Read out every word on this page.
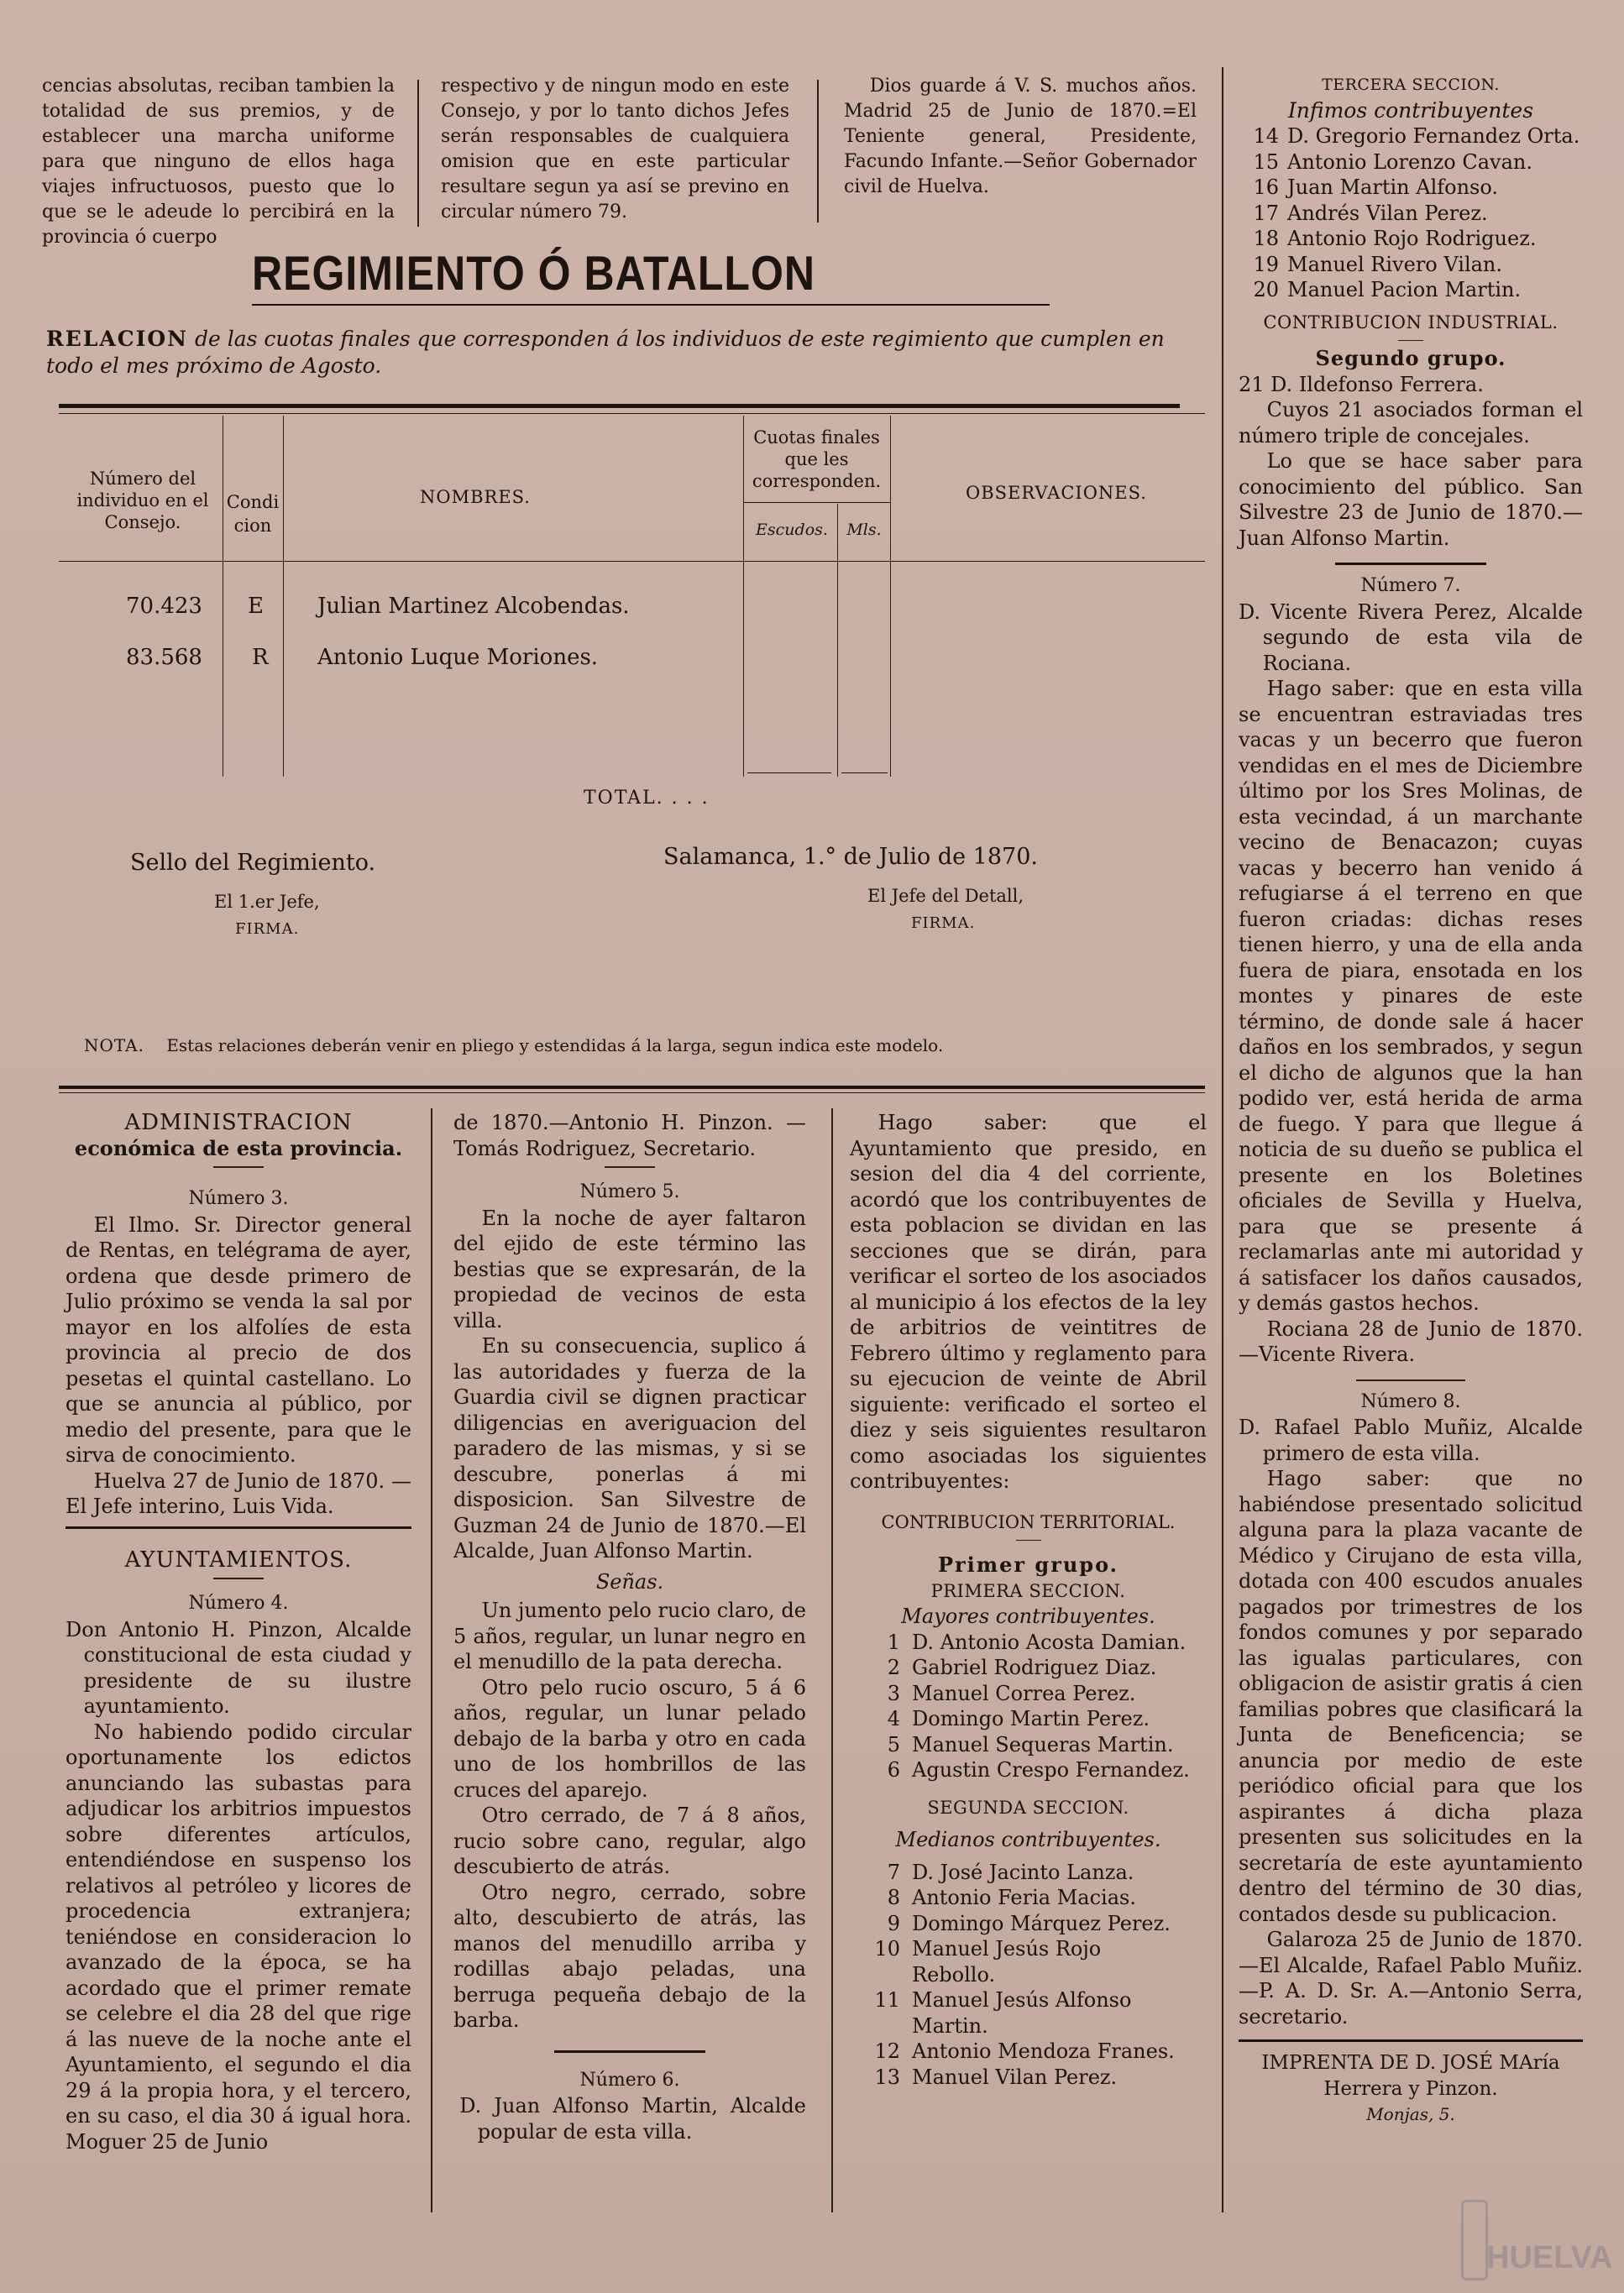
cencias absolutas, reciban tambien la totalidad de sus premios, y de establecer una marcha uniforme para que ninguno de ellos haga viajes infructuosos, puesto que lo que se le adeude lo percibirá en la provincia ó cuerpo

respectivo y de ningun modo en este Consejo, y por lo tanto dichos Jefes serán responsables de cualquiera omision que en este particular resultare segun ya así se previno en circular número 79.

Dios guarde á V. S. muchos años. Madrid 25 de Junio de 1870.=El Teniente general, Presidente, Facundo Infante.—Señor Gobernador civil de Huelva.

REGIMIENTO Ó BATALLON
RELACION de las cuotas finales que corresponden á los individuos de este regimiento que cumplen en todo el mes próximo de Agosto.
Número del individuo en el Consejo.
Condicion
NOMBRES.
Cuotas finales que les corresponden.
Escudos.	Mls.
OBSERVACIONES.
70.423 E Julian Martinez Alcobendas.
83.568 R Antonio Luque Moriones.
TOTAL. . . .
Sello del Regimiento.	Salamanca, 1.° de Julio de 1870.
El 1.er Jefe,
FIRMA.
El Jefe del Detall,
FIRMA.
NOTA. Estas relaciones deberán venir en pliego y estendidas á la larga, segun indica este modelo.

ADMINISTRACION

económica de esta provincia.

Número 3.

El Ilmo. Sr. Director general de Rentas, en telégrama de ayer, ordena que desde primero de Julio próximo se venda la sal por mayor en los alfolíes de esta provincia al precio de dos pesetas el quintal castellano. Lo que se anuncia al público, por medio del presente, para que le sirva de conocimiento.

Huelva 27 de Junio de 1870. —El Jefe interino, Luis Vida.

AYUNTAMIENTOS.

Número 4.

Don Antonio H. Pinzon, Alcalde constitucional de esta ciudad y presidente de su ilustre ayuntamiento.

No habiendo podido circular oportunamente los edictos anunciando las subastas para adjudicar los arbitrios impuestos sobre diferentes artículos, entendiéndose en suspenso los relativos al petróleo y licores de procedencia extranjera; teniéndose en consideracion lo avanzado de la época, se ha acordado que el primer remate se celebre el dia 28 del que rige á las nueve de la noche ante el Ayuntamiento, el segundo el dia 29 á la propia hora, y el tercero, en su caso, el dia 30 á igual hora. Moguer 25 de Junio

de 1870.—Antonio H. Pinzon. —Tomás Rodriguez, Secretario.

Número 5.

En la noche de ayer faltaron del ejido de este término las bestias que se expresarán, de la propiedad de vecinos de esta villa.

En su consecuencia, suplico á las autoridades y fuerza de la Guardia civil se dignen practicar diligencias en averiguacion del paradero de las mismas, y si se descubre, ponerlas á mi disposicion. San Silvestre de Guzman 24 de Junio de 1870.—El Alcalde, Juan Alfonso Martin.

Señas.

Un jumento pelo rucio claro, de 5 años, regular, un lunar negro en el menudillo de la pata derecha.

Otro pelo rucio oscuro, 5 á 6 años, regular, un lunar pelado debajo de la barba y otro en cada uno de los hombrillos de las cruces del aparejo.

Otro cerrado, de 7 á 8 años, rucio sobre cano, regular, algo descubierto de atrás.

Otro negro, cerrado, sobre alto, descubierto de atrás, las manos del menudillo arriba y rodillas abajo peladas, una berruga pequeña debajo de la barba.

Número 6.

D. Juan Alfonso Martin, Alcalde popular de esta villa.

Hago saber: que el Ayuntamiento que presido, en sesion del dia 4 del corriente, acordó que los contribuyentes de esta poblacion se dividan en las secciones que se dirán, para verificar el sorteo de los asociados al municipio á los efectos de la ley de arbitrios de veintitres de Febrero último y reglamento para su ejecucion de veinte de Abril siguiente: verificado el sorteo el diez y seis siguientes resultaron como asociadas los siguientes contribuyentes:

CONTRIBUCION TERRITORIAL.

Primer grupo.

PRIMERA SECCION.

Mayores contribuyentes.

1 D. Antonio Acosta Damian.
2 Gabriel Rodriguez Diaz.
3 Manuel Correa Perez.
4 Domingo Martin Perez.
5 Manuel Sequeras Martin.
6 Agustin Crespo Fernandez.

SEGUNDA SECCION.

Medianos contribuyentes.

7 D. José Jacinto Lanza.
8 Antonio Feria Macias.
9 Domingo Márquez Perez.
10 Manuel Jesús Rojo Rebollo.
11 Manuel Jesús Alfonso Martin.
12 Antonio Mendoza Franes.
13 Manuel Vilan Perez.

TERCERA SECCION.

Infimos contribuyentes

14 D. Gregorio Fernandez Orta.
15 Antonio Lorenzo Cavan.
16 Juan Martin Alfonso.
17 Andrés Vilan Perez.
18 Antonio Rojo Rodriguez.
19 Manuel Rivero Vilan.
20 Manuel Pacion Martin.

CONTRIBUCION INDUSTRIAL.

Segundo grupo.

21 D. Ildefonso Ferrera.

Cuyos 21 asociados forman el número triple de concejales.

Lo que se hace saber para conocimiento del público. San Silvestre 23 de Junio de 1870.— Juan Alfonso Martin.

Número 7.

D. Vicente Rivera Perez, Alcalde segundo de esta vila de Rociana.

Hago saber: que en esta villa se encuentran estraviadas tres vacas y un becerro que fueron vendidas en el mes de Diciembre último por los Sres Molinas, de esta vecindad, á un marchante vecino de Benacazon; cuyas vacas y becerro han venido á refugiarse á el terreno en que fueron criadas: dichas reses tienen hierro, y una de ella anda fuera de piara, ensotada en los montes y pinares de este término, de donde sale á hacer daños en los sembrados, y segun el dicho de algunos que la han podido ver, está herida de arma de fuego. Y para que llegue á noticia de su dueño se publica el presente en los Boletines oficiales de Sevilla y Huelva, para que se presente á reclamarlas ante mi autoridad y á satisfacer los daños causados, y demás gastos hechos.

Rociana 28 de Junio de 1870. —Vicente Rivera.

Número 8.

D. Rafael Pablo Muñiz, Alcalde primero de esta villa.

Hago saber: que no habiéndose presentado solicitud alguna para la plaza vacante de Médico y Cirujano de esta villa, dotada con 400 escudos anuales pagados por trimestres de los fondos comunes y por separado las igualas particulares, con obligacion de asistir gratis á cien familias pobres que clasificará la Junta de Beneficencia; se anuncia por medio de este periódico oficial para que los aspirantes á dicha plaza presenten sus solicitudes en la secretaría de este ayuntamiento dentro del término de 30 dias, contados desde su publicacion.

Galaroza 25 de Junio de 1870. —El Alcalde, Rafael Pablo Muñiz.—P. A. D. Sr. A.—Antonio Serra, secretario.

IMPRENTA DE D. JOSÉ MAría Herrera y Pinzon.

Monjas, 5.

HUELVA
